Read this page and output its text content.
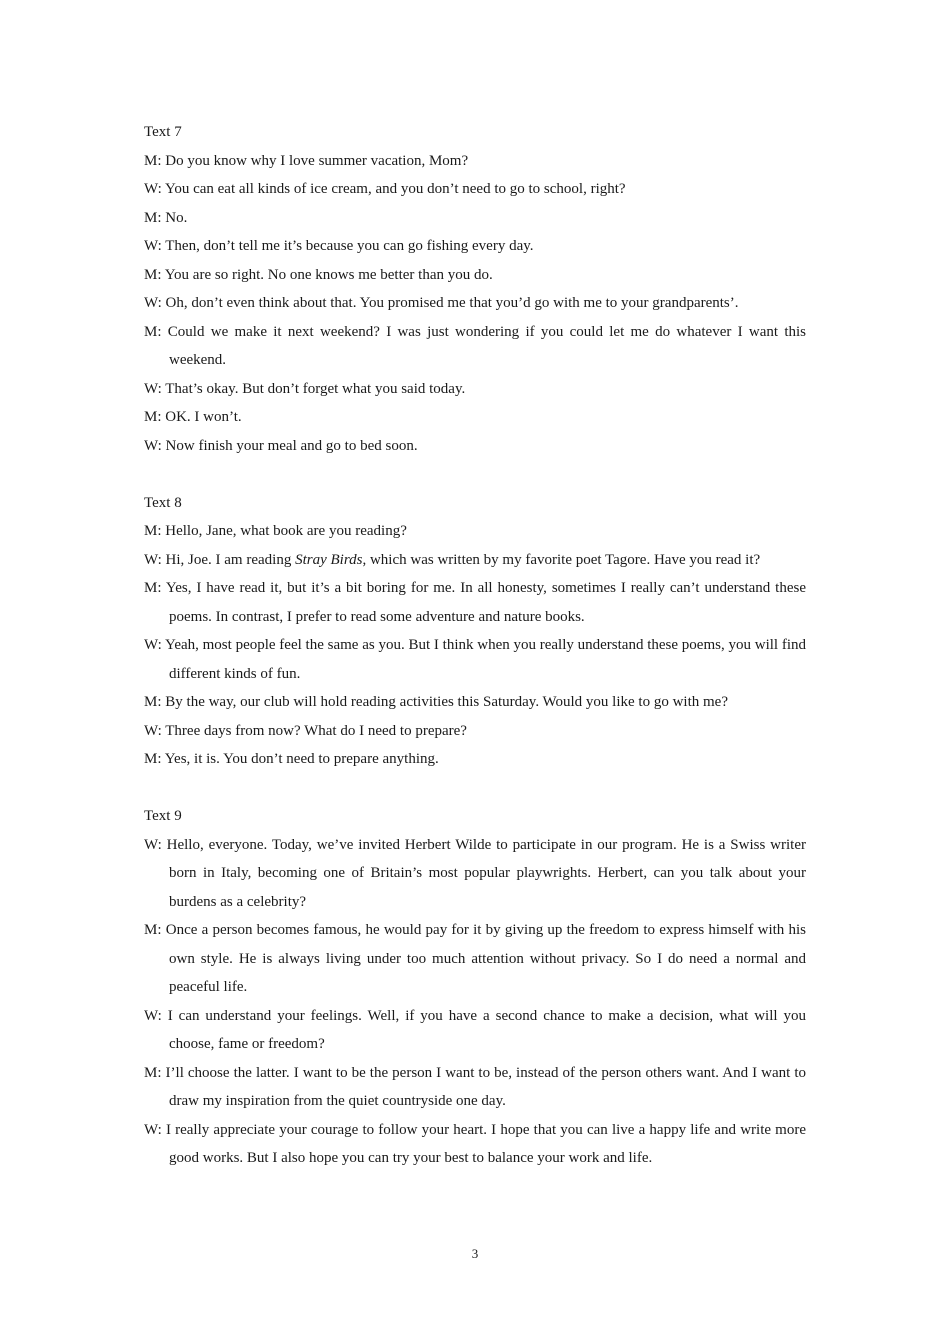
Text 7

M: Do you know why I love summer vacation, Mom?

W: You can eat all kinds of ice cream, and you don’t need to go to school, right?

M: No.

W: Then, don’t tell me it’s because you can go fishing every day.

M: You are so right. No one knows me better than you do.

W: Oh, don’t even think about that. You promised me that you’d go with me to your grandparents’.

M: Could we make it next weekend? I was just wondering if you could let me do whatever I want this weekend.

W: That’s okay. But don’t forget what you said today.

M: OK. I won’t.

W: Now finish your meal and go to bed soon.

Text 8

M: Hello, Jane, what book are you reading?

W: Hi, Joe. I am reading Stray Birds, which was written by my favorite poet Tagore. Have you read it?

M: Yes, I have read it, but it’s a bit boring for me. In all honesty, sometimes I really can’t understand these poems. In contrast, I prefer to read some adventure and nature books.

W: Yeah, most people feel the same as you. But I think when you really understand these poems, you will find different kinds of fun.

M: By the way, our club will hold reading activities this Saturday. Would you like to go with me?

W: Three days from now? What do I need to prepare?

M: Yes, it is. You don’t need to prepare anything.

Text 9

W: Hello, everyone. Today, we’ve invited Herbert Wilde to participate in our program. He is a Swiss writer born in Italy, becoming one of Britain’s most popular playwrights. Herbert, can you talk about your burdens as a celebrity?

M: Once a person becomes famous, he would pay for it by giving up the freedom to express himself with his own style. He is always living under too much attention without privacy. So I do need a normal and peaceful life.

W: I can understand your feelings. Well, if you have a second chance to make a decision, what will you choose, fame or freedom?

M: I’ll choose the latter. I want to be the person I want to be, instead of the person others want. And I want to draw my inspiration from the quiet countryside one day.

W: I really appreciate your courage to follow your heart. I hope that you can live a happy life and write more good works. But I also hope you can try your best to balance your work and life.

3
